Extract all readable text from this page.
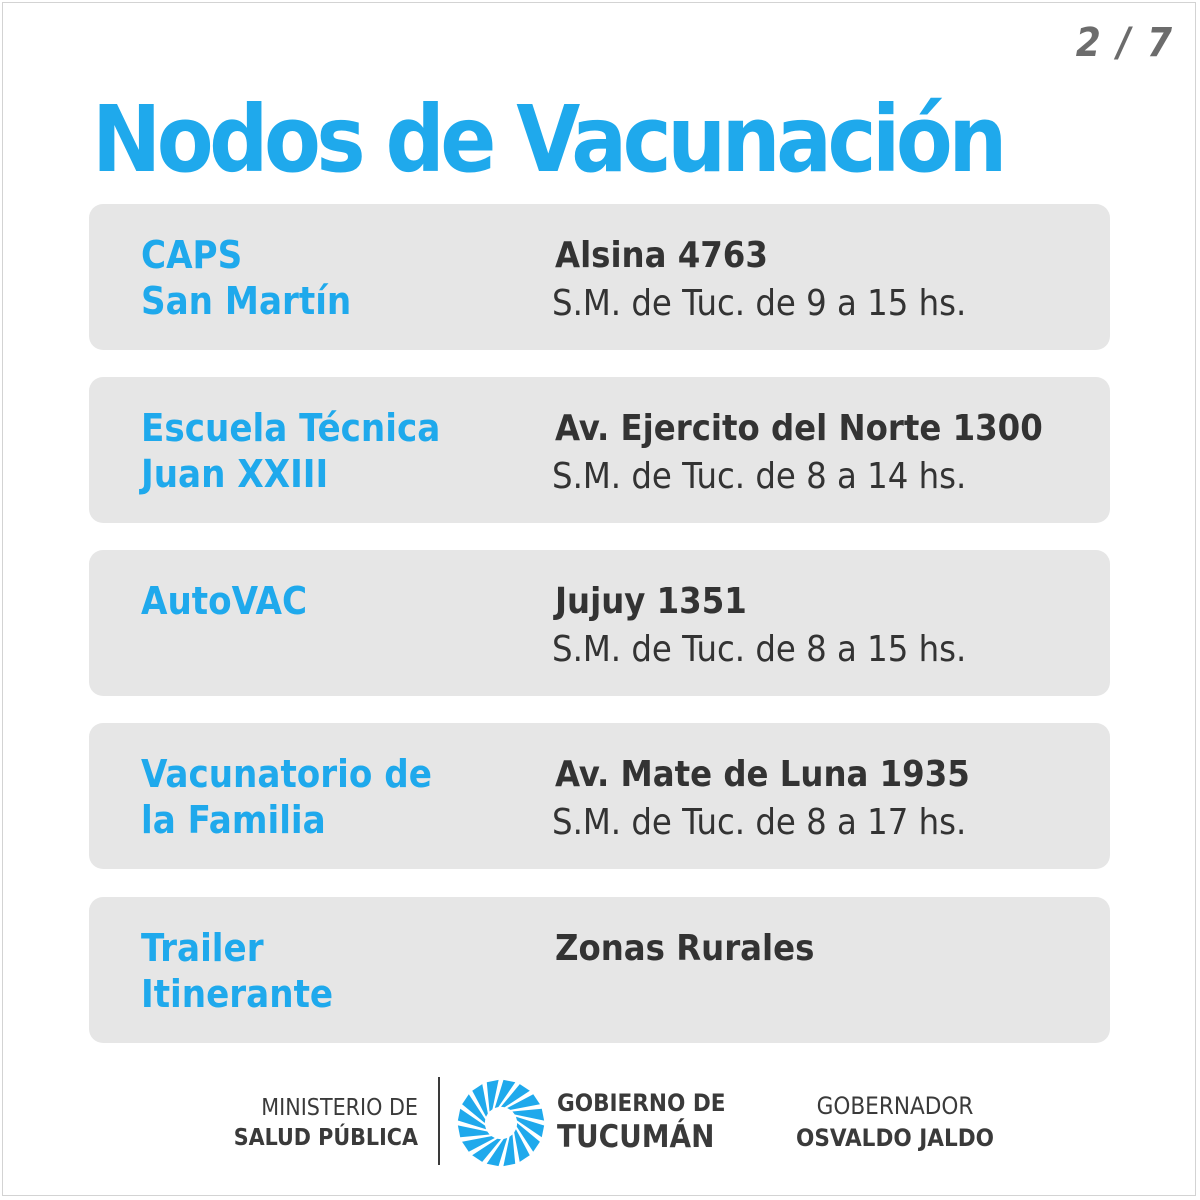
2 / 7
Nodos de Vacunación
CAPS
San Martín
Alsina 4763
S.M. de Tuc. de 9 a 15 hs.
Escuela Técnica
Juan XXIII
Av. Ejercito del Norte 1300
S.M. de Tuc. de 8 a 14 hs.
AutoVAC	Jujuy 1351
S.M. de Tuc. de 8 a 15 hs.
Vacunatorio de
la Familia
Av. Mate de Luna 1935
S.M. de Tuc. de 8 a 17 hs.
Trailer
Itinerante
Zonas Rurales
MINISTERIO DE
SALUD PÚBLICA
GOBIERNO DE
TUCUMÁN
GOBERNADOR
OSVALDO JALDO
